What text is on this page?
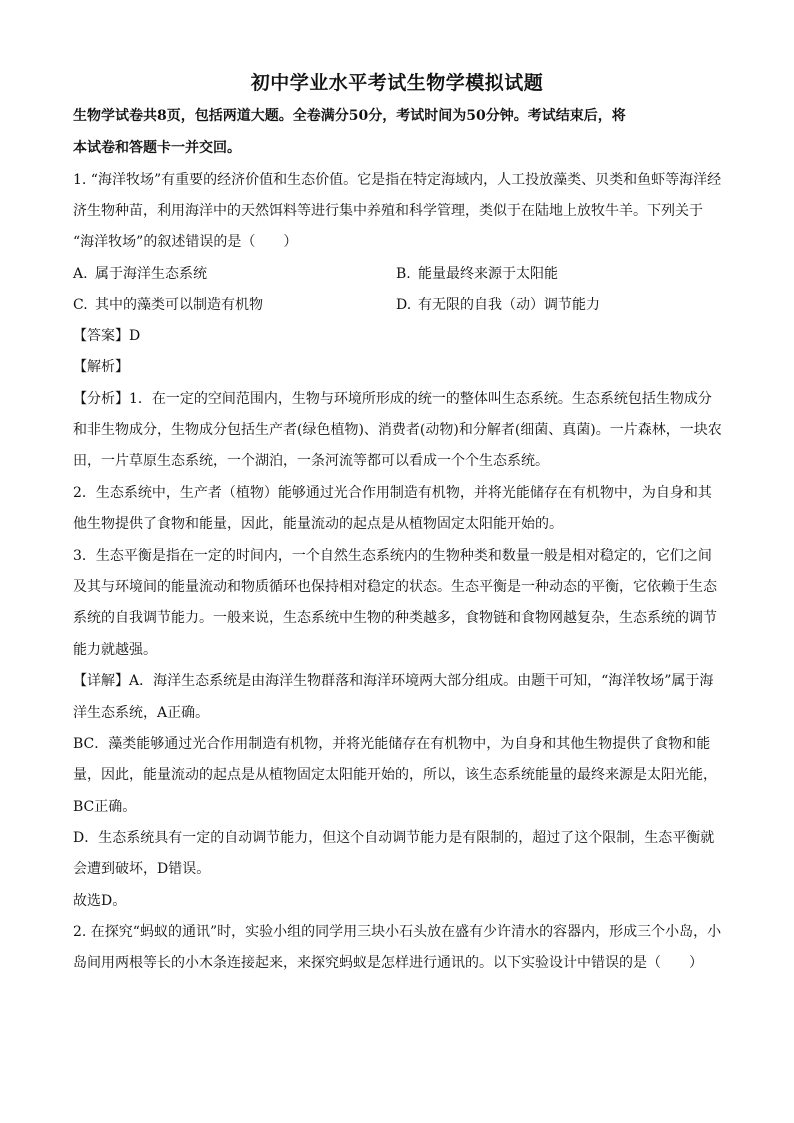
初中学业水平考试生物学模拟试题
生物学试卷共8页，包括两道大题。全卷满分50分，考试时间为50分钟。考试结束后，将
本试卷和答题卡一并交回。
1. “海洋牧场”有重要的经济价值和生态价值。它是指在特定海域内，人工投放藻类、贝类和鱼虾等海洋经
济生物种苗，利用海洋中的天然饵料等进行集中养殖和科学管理，类似于在陆地上放牧牛羊。下列关于
“海洋牧场”的叙述错误的是（　　）
A. 属于海洋生态系统	B. 能量最终来源于太阳能
C. 其中的藻类可以制造有机物	D. 有无限的自我（动）调节能力
【答案】D
【解析】
【分析】1．在一定的空间范围内，生物与环境所形成的统一的整体叫生态系统。生态系统包括生物成分
和非生物成分，生物成分包括生产者(绿色植物)、消费者(动物)和分解者(细菌、真菌)。一片森林，一块农
田，一片草原生态系统，一个湖泊，一条河流等都可以看成一个个生态系统。
2．生态系统中，生产者（植物）能够通过光合作用制造有机物，并将光能储存在有机物中，为自身和其
他生物提供了食物和能量，因此，能量流动的起点是从植物固定太阳能开始的。
3．生态平衡是指在一定的时间内，一个自然生态系统内的生物种类和数量一般是相对稳定的，它们之间
及其与环境间的能量流动和物质循环也保持相对稳定的状态。生态平衡是一种动态的平衡，它依赖于生态
系统的自我调节能力。一般来说，生态系统中生物的种类越多，食物链和食物网越复杂，生态系统的调节
能力就越强。
【详解】A．海洋生态系统是由海洋生物群落和海洋环境两大部分组成。由题干可知，“海洋牧场”属于海
洋生态系统，A正确。
BC．藻类能够通过光合作用制造有机物，并将光能储存在有机物中，为自身和其他生物提供了食物和能
量，因此，能量流动的起点是从植物固定太阳能开始的，所以，该生态系统能量的最终来源是太阳光能，
BC正确。
D．生态系统具有一定的自动调节能力，但这个自动调节能力是有限制的，超过了这个限制，生态平衡就
会遭到破坏，D错误。
故选D。
2. 在探究“蚂蚁的通讯”时，实验小组的同学用三块小石头放在盛有少许清水的容器内，形成三个小岛，小
岛间用两根等长的小木条连接起来，来探究蚂蚁是怎样进行通讯的。以下实验设计中错误的是（　　）
